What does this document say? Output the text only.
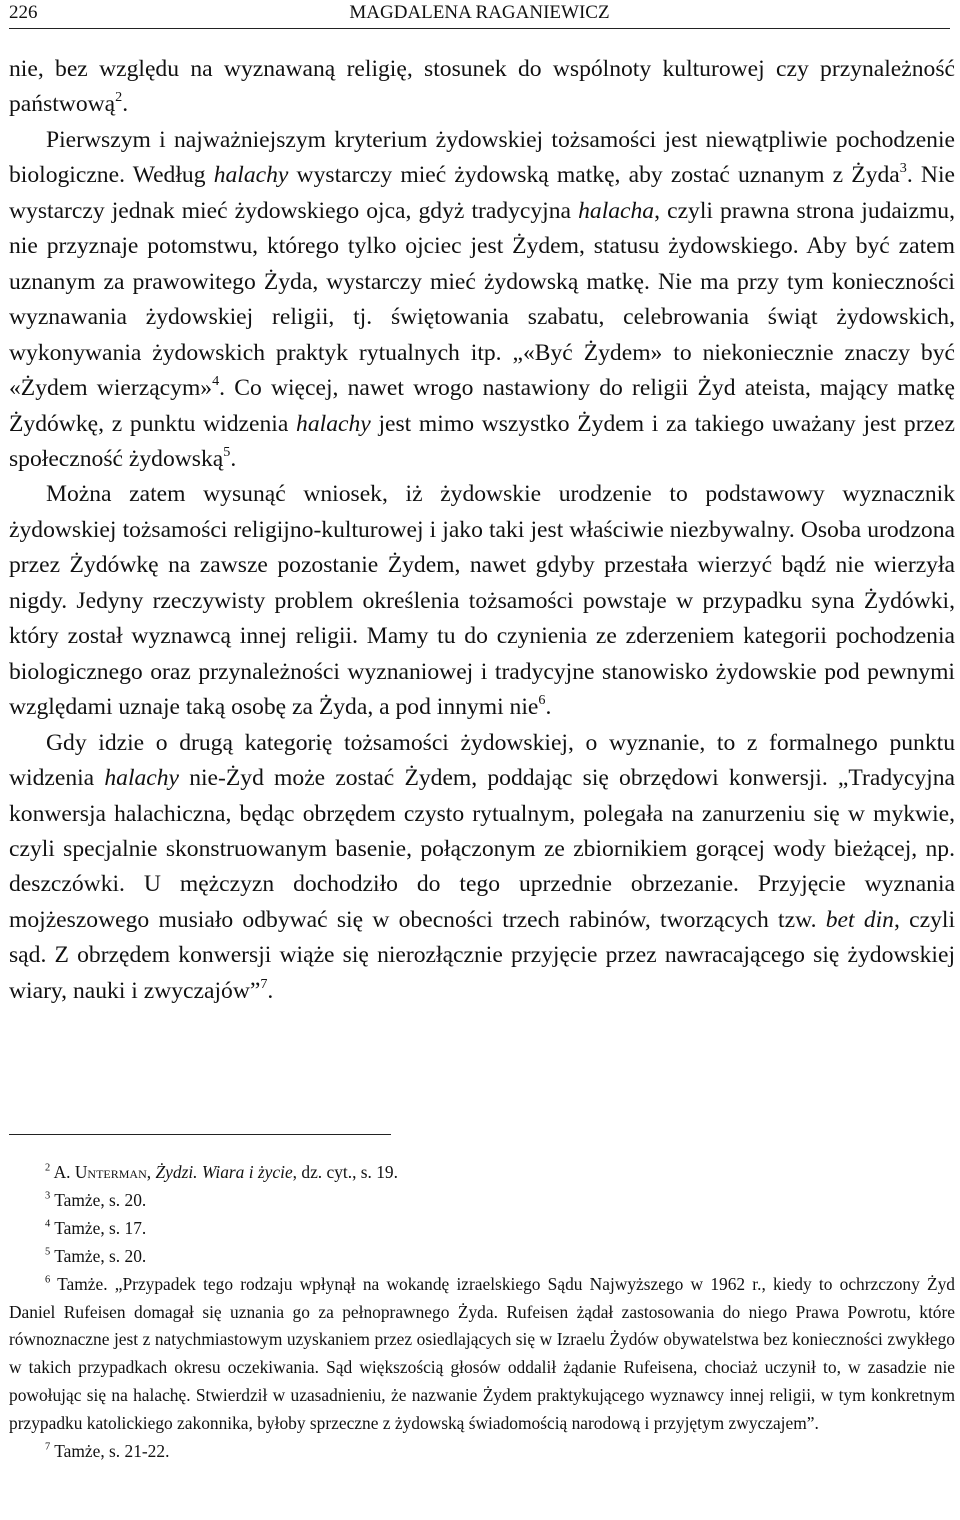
226	MAGDALENA RAGANIEWICZ

nie, bez względu na wyznawaną religię, stosunek do wspólnoty kulturowej czy przynależność państwową$^2$.

Pierwszym i najważniejszym kryterium żydowskiej tożsamości jest niewątpliwie pochodzenie biologiczne. Według halachy wystarczy mieć żydowską matkę, aby zostać uznanym z Żyda$^3$. Nie wystarczy jednak mieć żydowskiego ojca, gdyż tradycyjna halacha, czyli prawna strona judaizmu, nie przyznaje potomstwu, którego tylko ojciec jest Żydem, statusu żydowskiego. Aby być zatem uznanym za prawowitego Żyda, wystarczy mieć żydowską matkę. Nie ma przy tym konieczności wyznawania żydowskiej religii, tj. świętowania szabatu, celebrowania świąt żydowskich, wykonywania żydowskich praktyk rytualnych itp. „«Być Żydem» to niekoniecznie znaczy być «Żydem wierzącym»$^4$. Co więcej, nawet wrogo nastawiony do religii Żyd ateista, mający matkę Żydówkę, z punktu widzenia halachy jest mimo wszystko Żydem i za takiego uważany jest przez społeczność żydowską$^5$.

Można zatem wysunąć wniosek, iż żydowskie urodzenie to podstawowy wyznacznik żydowskiej tożsamości religijno-kulturowej i jako taki jest właściwie niezbywalny. Osoba urodzona przez Żydówkę na zawsze pozostanie Żydem, nawet gdyby przestała wierzyć bądź nie wierzyła nigdy. Jedyny rzeczywisty problem określenia tożsamości powstaje w przypadku syna Żydówki, który został wyznawcą innej religii. Mamy tu do czynienia ze zderzeniem kategorii pochodzenia biologicznego oraz przynależności wyznaniowej i tradycyjne stanowisko żydowskie pod pewnymi względami uznaje taką osobę za Żyda, a pod innymi nie$^6$.

Gdy idzie o drugą kategorię tożsamości żydowskiej, o wyznanie, to z formalnego punktu widzenia halachy nie-Żyd może zostać Żydem, poddając się obrzędowi konwersji. „Tradycyjna konwersja halachiczna, będąc obrzędem czysto rytualnym, polegała na zanurzeniu się w mykwie, czyli specjalnie skonstruowanym basenie, połączonym ze zbiornikiem gorącej wody bieżącej, np. deszczówki. U mężczyzn dochodziło do tego uprzednie obrzezanie. Przyjęcie wyznania mojżeszowego musiało odbywać się w obecności trzech rabinów, tworzących tzw. bet din, czyli sąd. Z obrzędem konwersji wiąże się nierozłącznie przyjęcie przez nawracającego się żydowskiej wiary, nauki i zwyczajów”$^7$.

$^2$ A. Unterman, Żydzi. Wiara i życie, dz. cyt., s. 19.

$^3$ Tamże, s. 20.

$^4$ Tamże, s. 17.

$^5$ Tamże, s. 20.

$^6$ Tamże. „Przypadek tego rodzaju wpłynął na wokandę izraelskiego Sądu Najwyższego w 1962 r., kiedy to ochrzczony Żyd Daniel Rufeisen domagał się uznania go za pełnoprawnego Żyda. Rufeisen żądał zastosowania do niego Prawa Powrotu, które równoznaczne jest z natychmiastowym uzyskaniem przez osiedlających się w Izraelu Żydów obywatelstwa bez konieczności zwykłego w takich przypadkach okresu oczekiwania. Sąd większością głosów oddalił żądanie Rufeisena, chociaż uczynił to, w zasadzie nie powołując się na halachę. Stwierdził w uzasadnieniu, że nazwanie Żydem praktykującego wyznawcy innej religii, w tym konkretnym przypadku katolickiego zakonnika, byłoby sprzeczne z żydowską świadomością narodową i przyjętym zwyczajem”.

$^7$ Tamże, s. 21-22.
